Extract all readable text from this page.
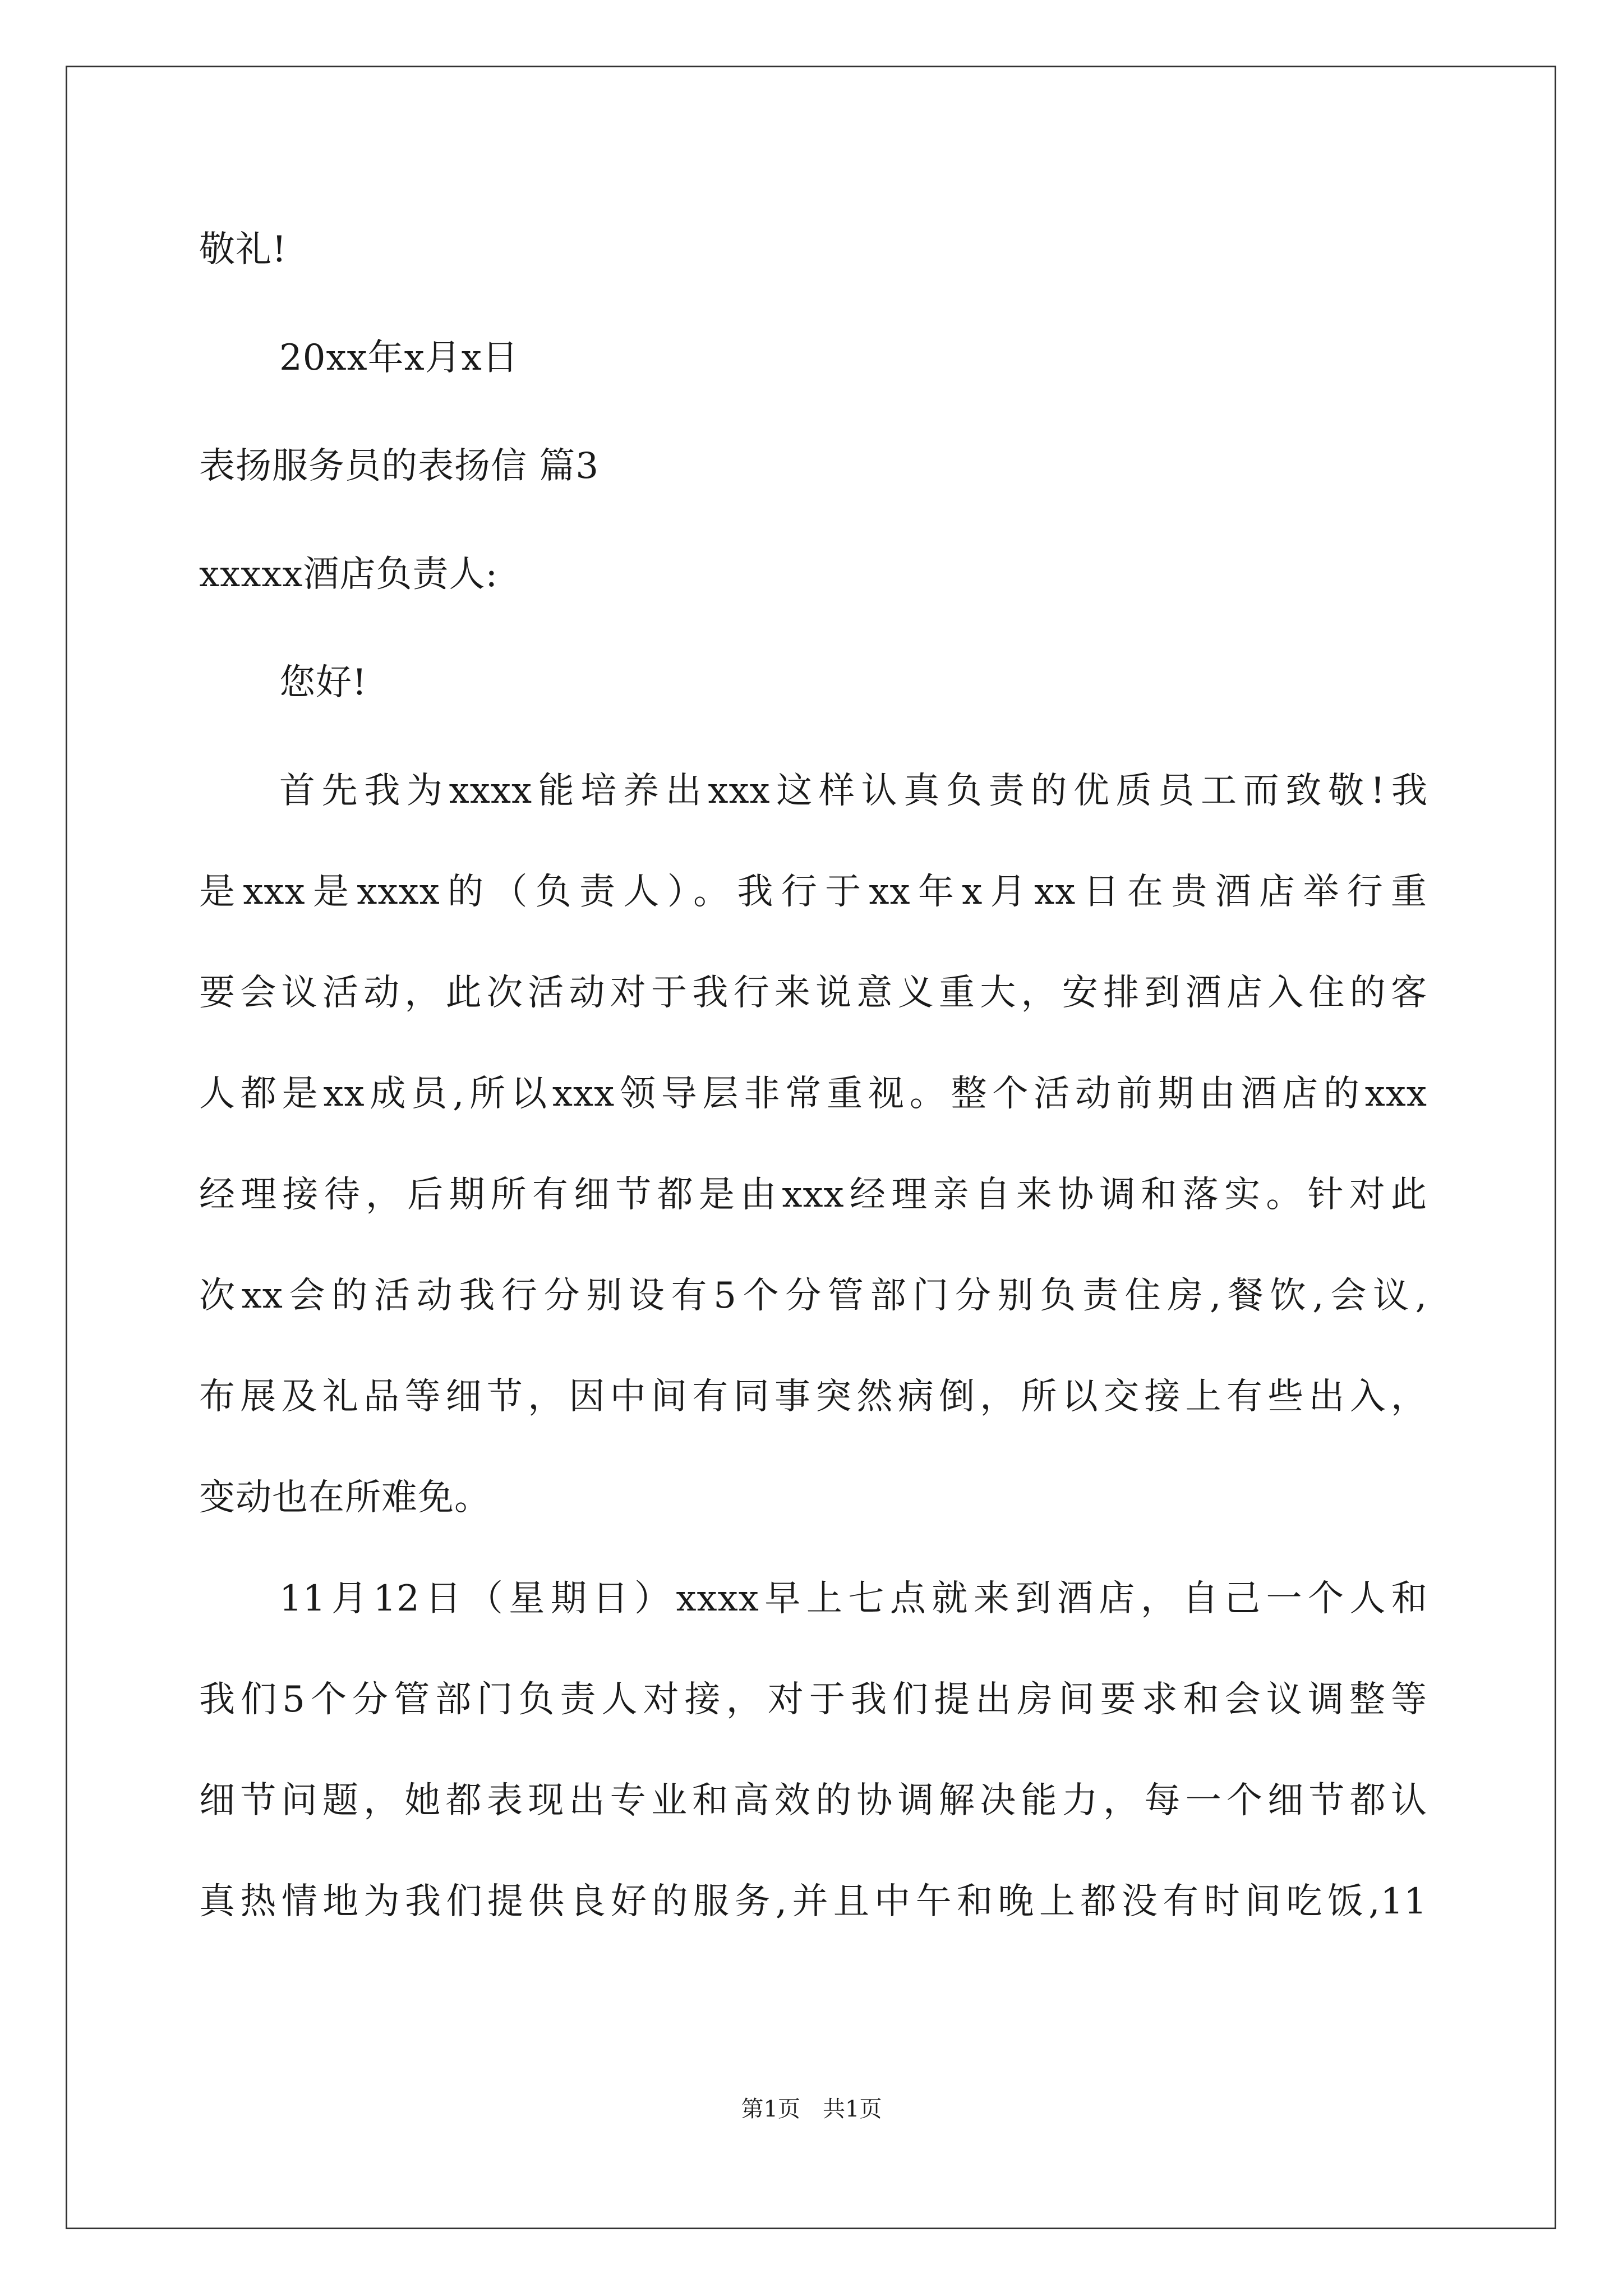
敬礼!
20xx年x月x日
表扬服务员的表扬信 篇3
xxxxx酒店负责人:
您好!
首先我为xxxx能培养出xxx这样认真负责的优质员工而致敬!我
是xxx是xxxx的（负责人）。我行于xx年x月xx日在贵酒店举行重
要会议活动，此次活动对于我行来说意义重大，安排到酒店入住的客
人都是xx成员,所以xxx领导层非常重视。整个活动前期由酒店的xxx
经理接待，后期所有细节都是由xxx经理亲自来协调和落实。针对此
次xx会的活动我行分别设有5个分管部门分别负责住房,餐饮,会议,
布展及礼品等细节，因中间有同事突然病倒，所以交接上有些出入，
变动也在所难免。
11月12日（星期日）xxxx早上七点就来到酒店，自己一个人和
我们5个分管部门负责人对接，对于我们提出房间要求和会议调整等
细节问题，她都表现出专业和高效的协调解决能力，每一个细节都认
真热情地为我们提供良好的服务,并且中午和晚上都没有时间吃饭,11
第1页　共1页
